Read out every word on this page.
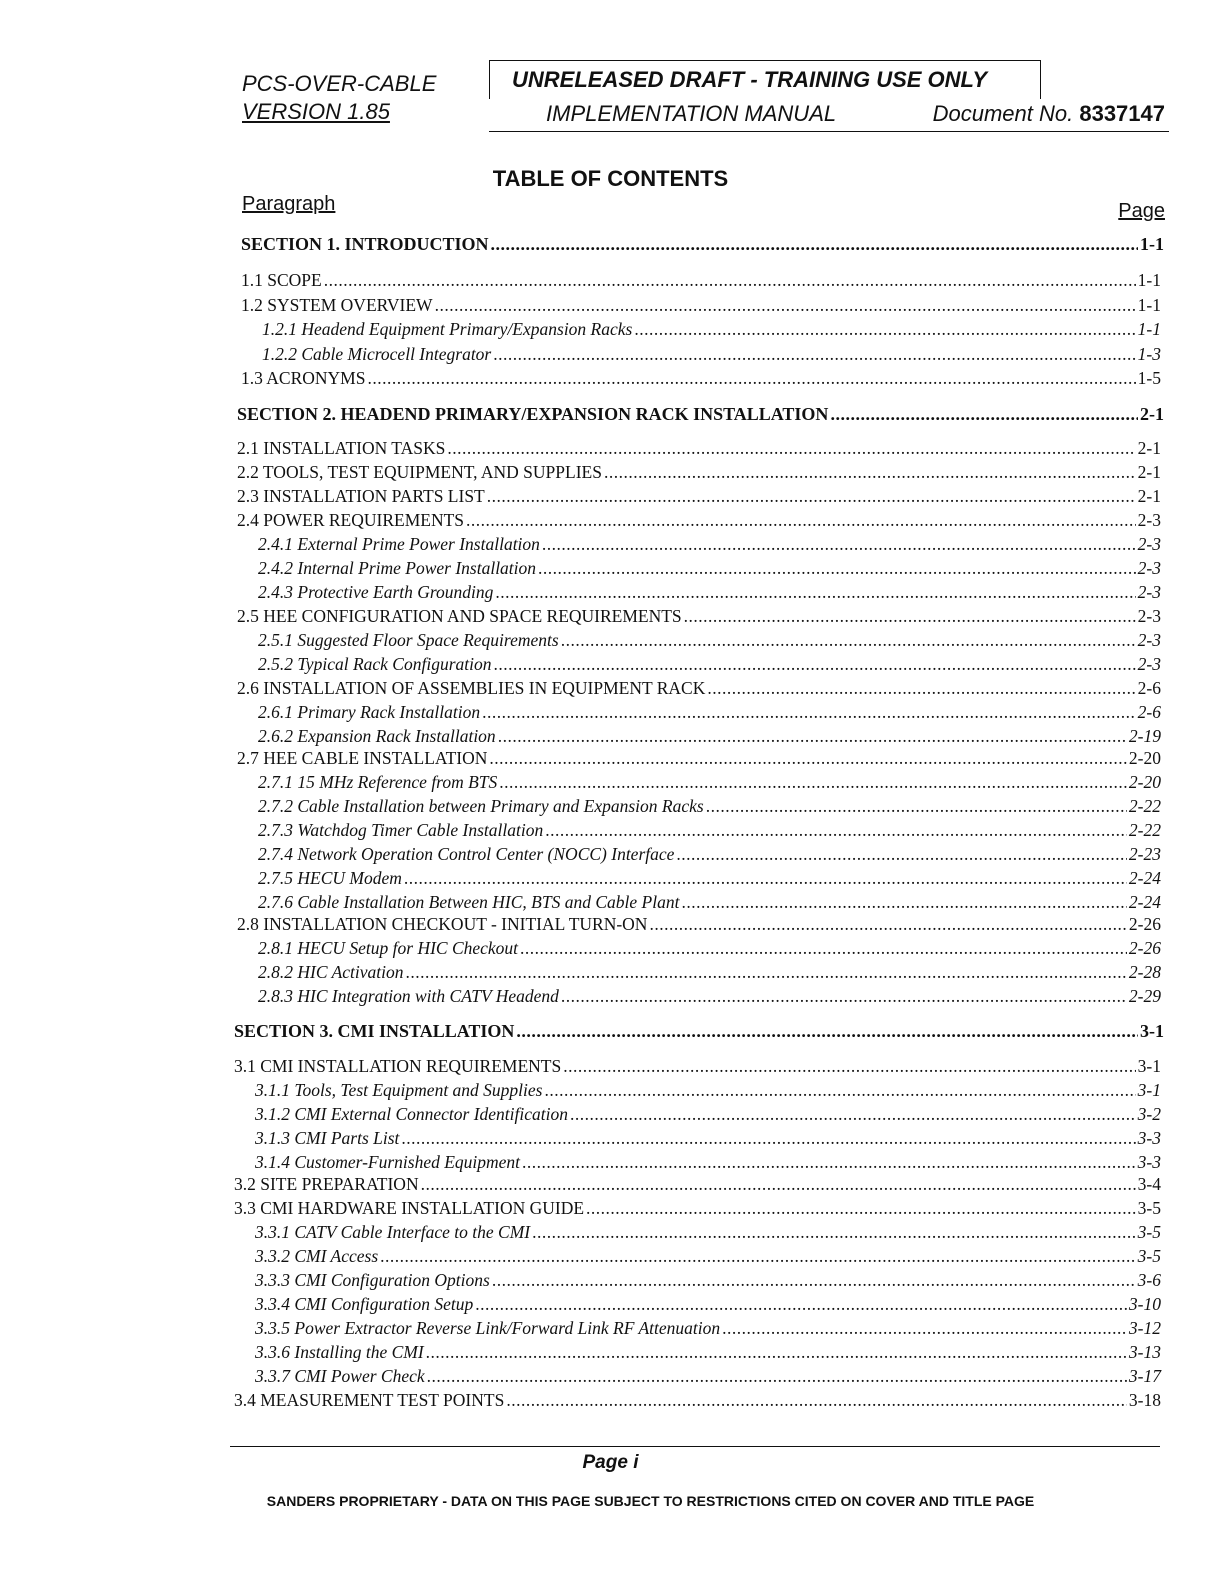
PCS-OVER-CABLE
VERSION 1.85
UNRELEASED DRAFT - TRAINING USE ONLY
IMPLEMENTATION MANUAL	Document No. 8337147
TABLE OF CONTENTS
Paragraph	Page
SECTION 1. INTRODUCTION .....	1-1
1.1 SCOPE .....	1-1
1.2 SYSTEM OVERVIEW .....	1-1
1.2.1 Headend Equipment Primary/Expansion Racks .....	1-1
1.2.2 Cable Microcell Integrator .....	1-3
1.3 ACRONYMS .....	1-5
SECTION 2. HEADEND PRIMARY/EXPANSION RACK INSTALLATION .....	2-1
2.1 INSTALLATION TASKS .....	2-1
2.2 TOOLS, TEST EQUIPMENT, AND SUPPLIES .....	2-1
2.3 INSTALLATION PARTS LIST .....	2-1
2.4 POWER REQUIREMENTS .....	2-3
2.4.1 External Prime Power Installation .....	2-3
2.4.2 Internal Prime Power Installation .....	2-3
2.4.3 Protective Earth Grounding .....	2-3
2.5 HEE CONFIGURATION AND SPACE REQUIREMENTS .....	2-3
2.5.1 Suggested Floor Space Requirements .....	2-3
2.5.2 Typical Rack Configuration .....	2-3
2.6 INSTALLATION OF ASSEMBLIES IN EQUIPMENT RACK .....	2-6
2.6.1 Primary Rack Installation .....	2-6
2.6.2 Expansion Rack Installation .....	2-19
2.7 HEE CABLE INSTALLATION .....	2-20
2.7.1 15 MHz Reference from BTS .....	2-20
2.7.2 Cable Installation between Primary and Expansion Racks .....	2-22
2.7.3 Watchdog Timer Cable Installation .....	2-22
2.7.4 Network Operation Control Center (NOCC) Interface .....	2-23
2.7.5 HECU Modem .....	2-24
2.7.6 Cable Installation Between HIC, BTS and Cable Plant .....	2-24
2.8 INSTALLATION CHECKOUT - INITIAL TURN-ON .....	2-26
2.8.1 HECU Setup for HIC Checkout .....	2-26
2.8.2 HIC Activation .....	2-28
2.8.3 HIC Integration with CATV Headend .....	2-29
SECTION 3. CMI INSTALLATION .....	3-1
3.1 CMI INSTALLATION REQUIREMENTS .....	3-1
3.1.1 Tools, Test Equipment and Supplies .....	3-1
3.1.2 CMI External Connector Identification .....	3-2
3.1.3 CMI Parts List .....	3-3
3.1.4 Customer-Furnished Equipment .....	3-3
3.2 SITE PREPARATION .....	3-4
3.3 CMI HARDWARE INSTALLATION GUIDE .....	3-5
3.3.1 CATV Cable Interface to the CMI .....	3-5
3.3.2 CMI Access .....	3-5
3.3.3 CMI Configuration Options .....	3-6
3.3.4 CMI Configuration Setup .....	3-10
3.3.5 Power Extractor Reverse Link/Forward Link RF Attenuation .....	3-12
3.3.6 Installing the CMI .....	3-13
3.3.7 CMI Power Check .....	3-17
3.4 MEASUREMENT TEST POINTS .....	3-18
Page i
SANDERS PROPRIETARY - DATA ON THIS PAGE SUBJECT TO RESTRICTIONS CITED ON COVER AND TITLE PAGE
